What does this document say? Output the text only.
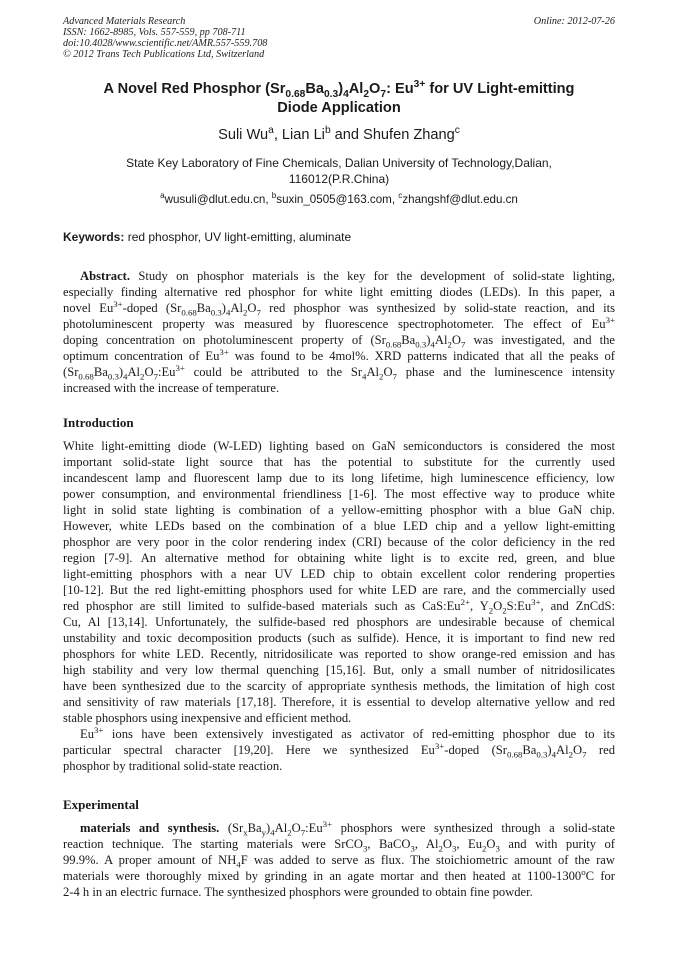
Advanced Materials Research
ISSN: 1662-8985, Vols. 557-559, pp 708-711
doi:10.4028/www.scientific.net/AMR.557-559.708
© 2012 Trans Tech Publications Ltd, Switzerland
Online: 2012-07-26
A Novel Red Phosphor $(Sr_{0.68}Ba_{0.3})_4Al_2O_7$: $Eu^{3+}$ for UV Light-emitting
Diode Application
Suli Wu$^a$, Lian Li$^b$ and Shufen Zhang$^c$
State Key Laboratory of Fine Chemicals, Dalian University of Technology,Dalian,
116012(P.R.China)
$^a$wusuli@dlut.edu.cn, $^b$suxin_0505@163.com, $^c$zhangshf@dlut.edu.cn
Keywords: red phosphor, UV light-emitting, aluminate
Abstract. Study on phosphor materials is the key for the development of solid-state lighting,
especially finding alternative red phosphor for white light emitting diodes (LEDs). In this paper, a
novel $Eu^{3+}$-doped $(Sr_{0.68}Ba_{0.3})_4Al_2O_7$ red phosphor was synthesized by solid-state reaction, and its
photoluminescent property was measured by fluorescence spectrophotometer. The effect of $Eu^{3+}$
doping concentration on photoluminescent property of $(Sr_{0.68}Ba_{0.3})_4Al_2O_7$ was investigated, and the
optimum concentration of $Eu^{3+}$ was found to be 4mol%. XRD patterns indicated that all the peaks of
$(Sr_{0.68}Ba_{0.3})_4Al_2O_7:Eu^{3+}$ could be attributed to the $Sr_4Al_2O_7$ phase and the luminescence intensity
increased with the increase of temperature.
Introduction
White light-emitting diode (W-LED) lighting based on GaN semiconductors is considered the most
important solid-state light source that has the potential to substitute for the currently used
incandescent lamp and fluorescent lamp due to its long lifetime, high luminescence efficiency, low
power consumption, and environmental friendliness [1-6]. The most effective way to produce white
light in solid state lighting is combination of a yellow-emitting phosphor with a blue GaN chip.
However, white LEDs based on the combination of a blue LED chip and a yellow light-emitting
phosphor are very poor in the color rendering index (CRI) because of the color deficiency in the red
region [7-9]. An alternative method for obtaining white light is to excite red, green, and blue
light-emitting phosphors with a near UV LED chip to obtain excellent color rendering properties
[10-12]. But the red light-emitting phosphors used for white LED are rare, and the commercially used
red phosphor are still limited to sulfide-based materials such as $CaS:Eu^{2+}$, $Y_2O_2S:Eu^{3+}$, and ZnCdS:
Cu, Al [13,14]. Unfortunately, the sulfide-based red phosphors are undesirable because of chemical
unstability and toxic decomposition products (such as sulfide). Hence, it is important to find new red
phosphors for white LED. Recently, nitridosilicate was reported to show orange-red emission and has
high stability and very low thermal quenching [15,16]. But, only a small number of nitridosilicates
have been synthesized due to the scarcity of appropriate synthesis methods, the limitation of high cost
and sensitivity of raw materials [17,18]. Therefore, it is essential to develop alternative yellow and red
stable phosphors using inexpensive and efficient method.
$Eu^{3+}$ ions have been extensively investigated as activator of red-emitting phosphor due to its
particular spectral character [19,20]. Here we synthesized $Eu^{3+}$-doped $(Sr_{0.68}Ba_{0.3})_4Al_2O_7$ red
phosphor by traditional solid-state reaction.
Experimental
materials and synthesis. $(Sr_xBa_y)_4Al_2O_7:Eu^{3+}$ phosphors were synthesized through a solid-state
reaction technique. The starting materials were SrCO$_3$, BaCO$_3$, $Al_2O_3$, $Eu_2O_3$ and with purity of
99.9%. A proper amount of $NH_4F$ was added to serve as flux. The stoichiometric amount of the raw
materials were thoroughly mixed by grinding in an agate mortar and then heated at 1100-1300$^o$C for
2-4 h in an electric furnace. The synthesized phosphors were grounded to obtain fine powder.
